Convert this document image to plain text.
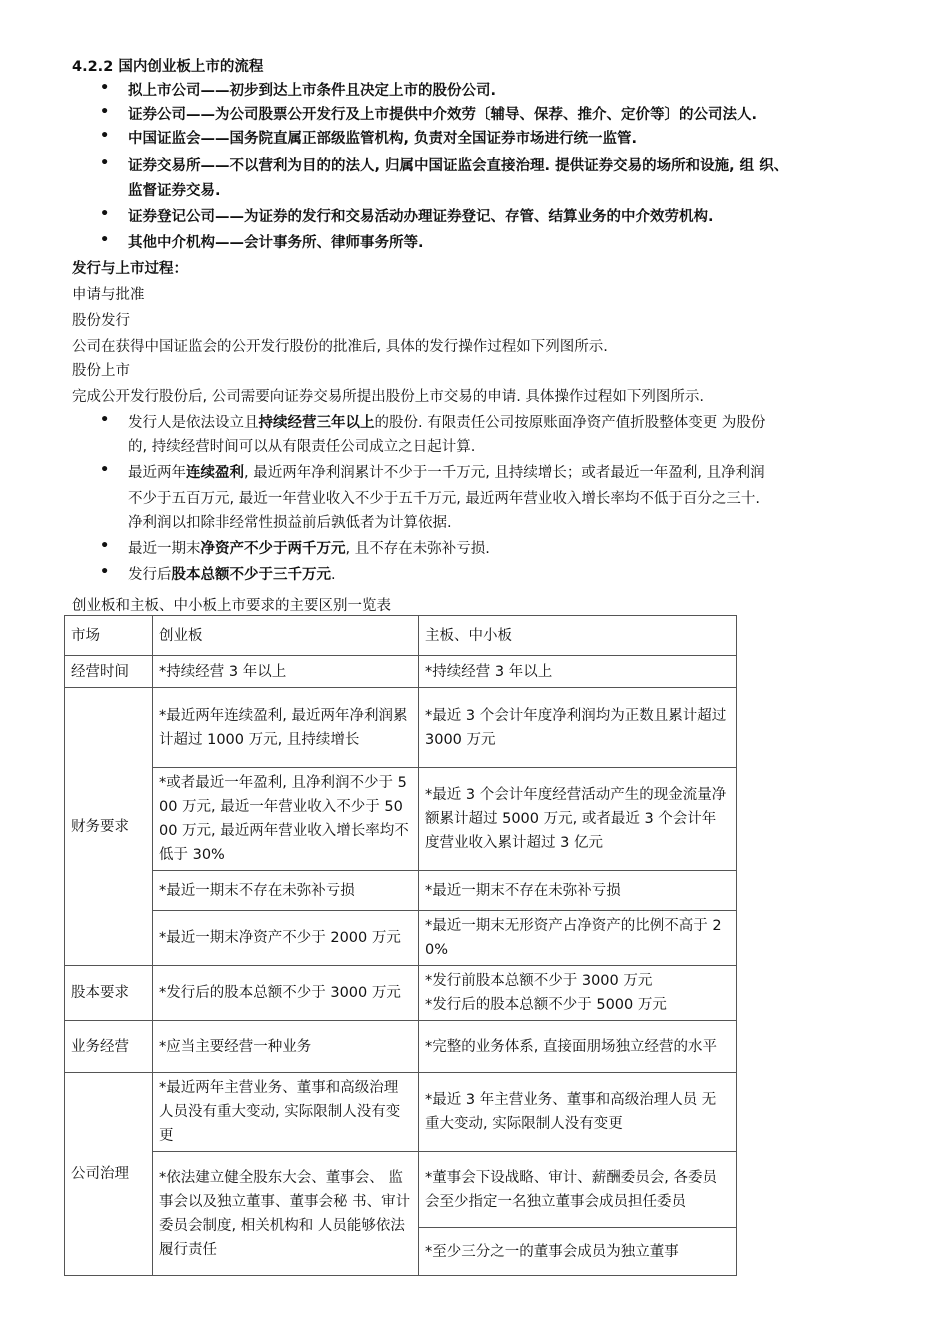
4.2.2 国内创业板上市的流程
•	拟上市公司——初步到达上市条件且决定上市的股份公司.
•	证券公司——为公司股票公开发行及上市提供中介效劳〔辅导、保荐、推介、定价等〕的公司法人.
•	中国证监会——国务院直属正部级监管机构, 负责对全国证券市场进行统一监管.
•	证券交易所——不以营利为目的的法人, 归属中国证监会直接治理. 提供证券交易的场所和设施, 组 织、
监督证券交易.
•	证券登记公司——为证券的发行和交易活动办理证券登记、存管、结算业务的中介效劳机构.
•	其他中介机构——会计事务所、律师事务所等.
发行与上市过程：
申请与批准
股份发行
公司在获得中国证监会的公开发行股份的批准后, 具体的发行操作过程如下列图所示.
股份上市
完成公开发行股份后, 公司需要向证券交易所提出股份上市交易的申请. 具体操作过程如下列图所示.
•	发行人是依法设立且持续经营三年以上的股份. 有限责任公司按原账面净资产值折股整体变更 为股份
的, 持续经营时间可以从有限责任公司成立之日起计算.
•	最近两年连续盈利, 最近两年净利润累计不少于一千万元, 且持续增长；或者最近一年盈利, 且净利润
不少于五百万元, 最近一年营业收入不少于五千万元, 最近两年营业收入增长率均不低于百分之三十.
净利润以扣除非经常性损益前后孰低者为计算依据.
•	最近一期末净资产不少于两千万元, 且不存在未弥补亏损.
•	发行后股本总额不少于三千万元.
创业板和主板、中小板上市要求的主要区别一览表
市场	创业板	主板、中小板
经营时间	*持续经营 3 年以上	*持续经营 3 年以上
财务要求	*最近两年连续盈利, 最近两年净利润累计超过 1000 万元, 且持续增长	*最近 3 个会计年度净利润均为正数且累计超过 3000 万元
	*或者最近一年盈利, 且净利润不少于 500 万元, 最近一年营业收入不少于 5000 万元, 最近两年营业收入增长率均不低于 30%	*最近 3 个会计年度经营活动产生的现金流量净额累计超过 5000 万元, 或者最近 3 个会计年度营业收入累计超过 3 亿元
	*最近一期末不存在未弥补亏损	*最近一期末不存在未弥补亏损
	*最近一期末净资产不少于 2000 万元	*最近一期末无形资产占净资产的比例不高于 20%
股本要求	*发行后的股本总额不少于 3000 万元	*发行前股本总额不少于 3000 万元
*发行后的股本总额不少于 5000 万元

业务经营	*应当主要经营一种业务	*完整的业务体系, 直接面朋场独立经营的水平
公司治理	*最近两年主营业务、董事和高级治理人员没有重大变动, 实际限制人没有变更	*最近 3 年主营业务、董事和高级治理人员 无重大变动, 实际限制人没有变更
	*依法建立健全股东大会、董事会、 监事会以及独立董事、董事会秘 书、审计委员会制度, 相关机构和 人员能够依法履行责任	*董事会下设战略、审计、薪酬委员会, 各委员会至少指定一名独立董事会成员担任委员
		*至少三分之一的董事会成员为独立董事
